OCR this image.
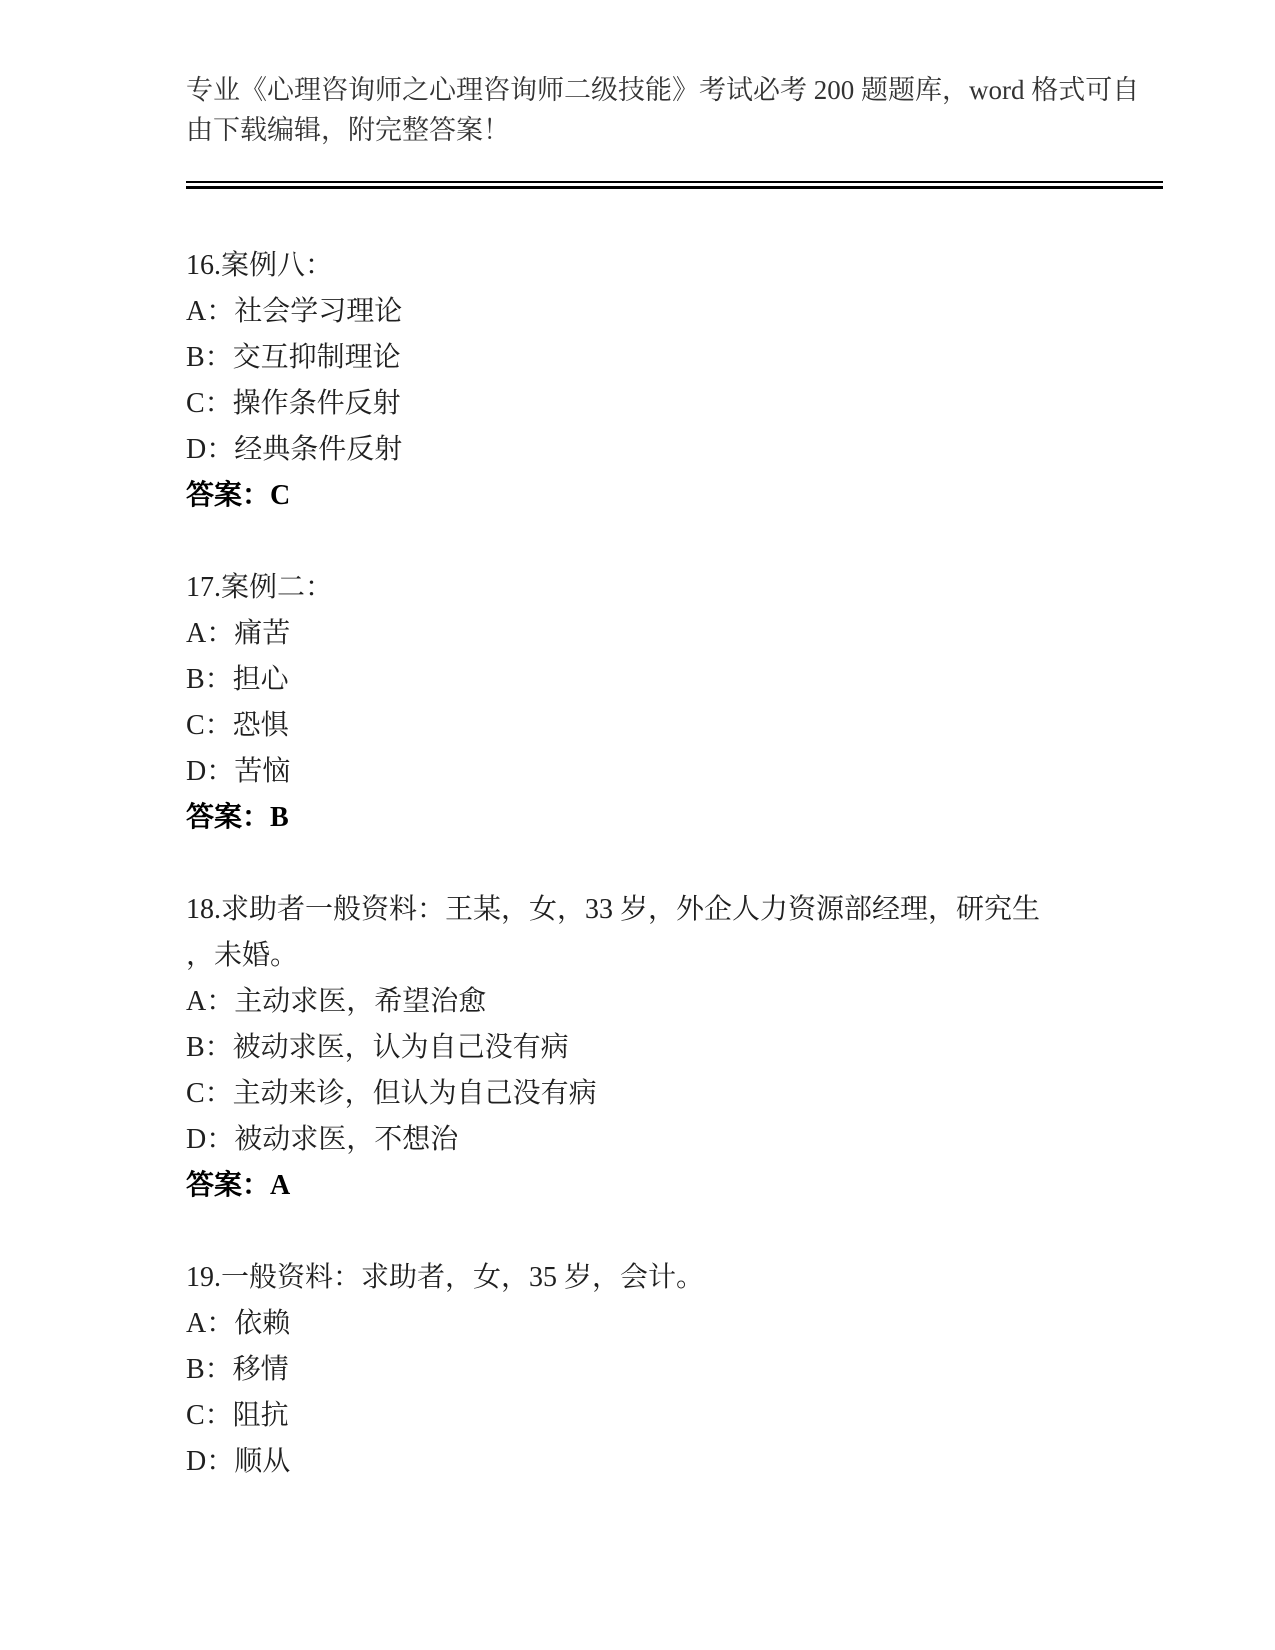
专业《心理咨询师之心理咨询师二级技能》考试必考 200 题题库，word 格式可自
由下载编辑，附完整答案！
16.案例八：
A：社会学习理论
B：交互抑制理论
C：操作条件反射
D：经典条件反射
答案：C
17.案例二：
A：痛苦
B：担心
C：恐惧
D：苦恼
答案：B
18.求助者一般资料：王某，女，33 岁，外企人力资源部经理，研究生
，未婚。
A：主动求医，希望治愈
B：被动求医，认为自己没有病
C：主动来诊，但认为自己没有病
D：被动求医，不想治
答案：A
19.一般资料：求助者，女，35 岁，会计。
A：依赖
B：移情
C：阻抗
D：顺从
